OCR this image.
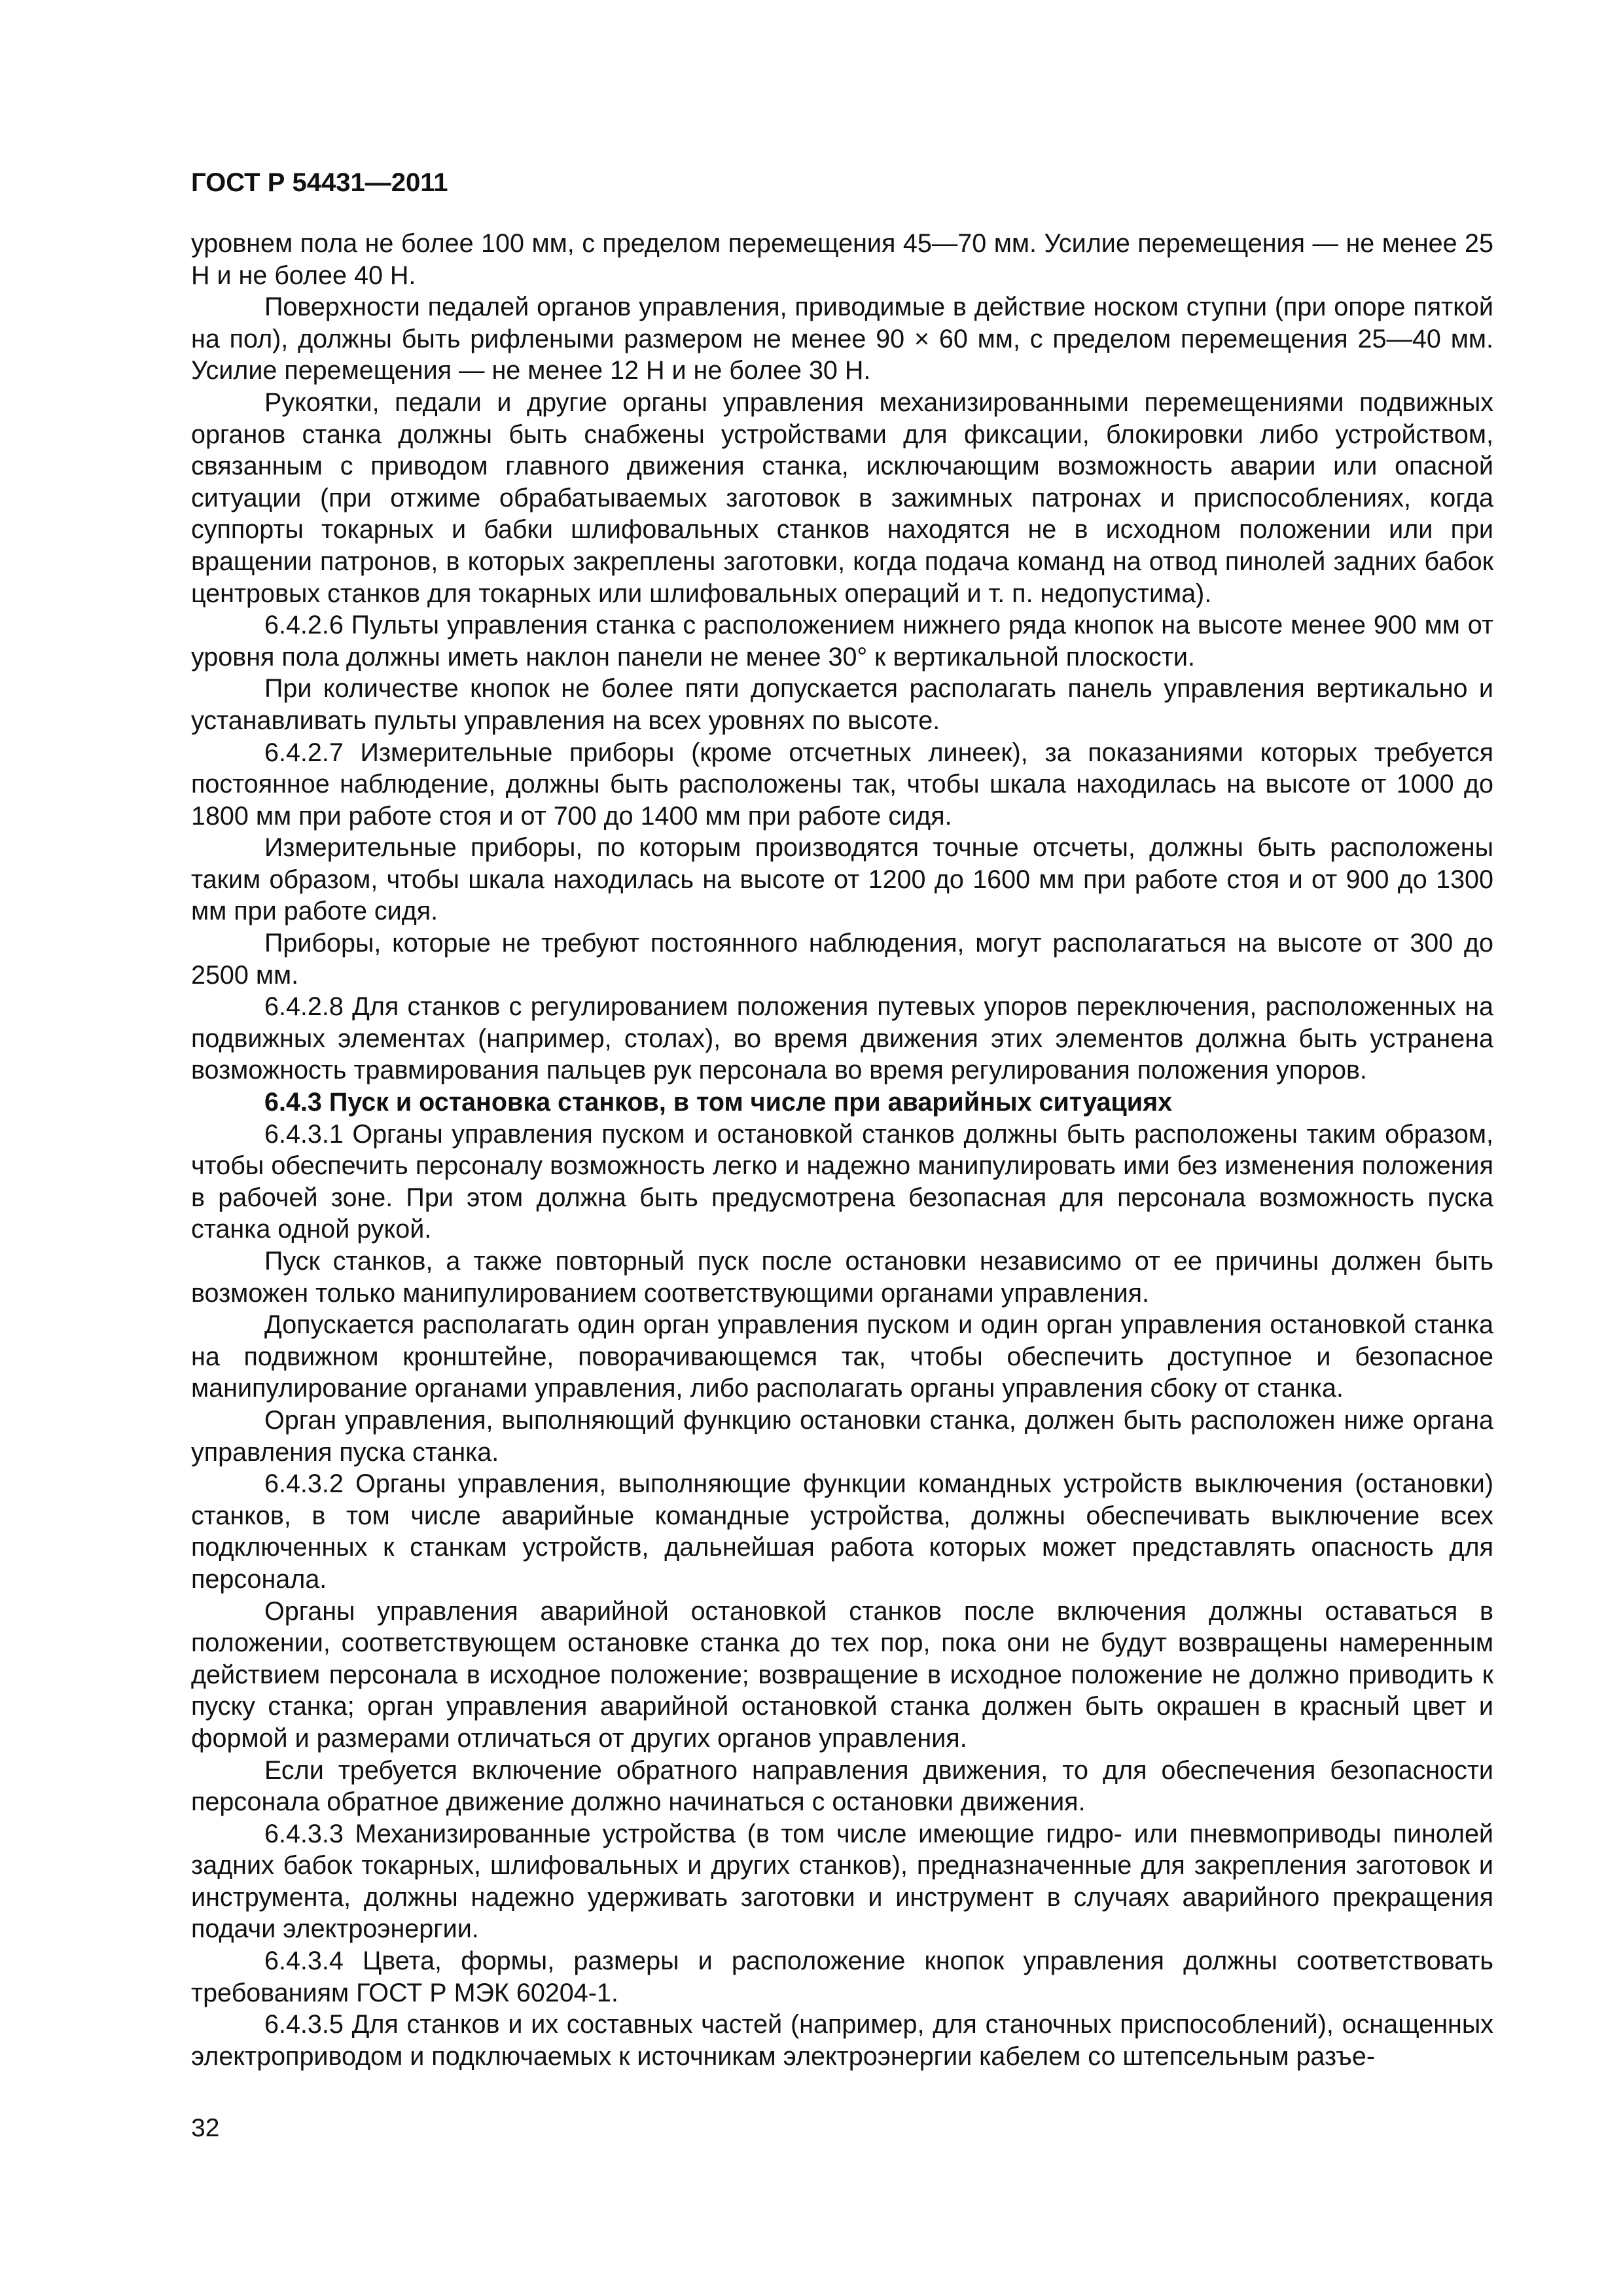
ГОСТ Р 54431—2011

уровнем пола не более 100 мм, с пределом перемещения 45—70 мм. Усилие перемещения — не менее 25 Н и не более 40 Н.

Поверхности педалей органов управления, приводимые в действие носком ступни (при опоре пяткой на пол), должны быть рифлеными размером не менее 90 × 60 мм, с пределом перемещения 25—40 мм. Усилие перемещения — не менее 12 Н и не более 30 Н.

Рукоятки, педали и другие органы управления механизированными перемещениями подвижных органов станка должны быть снабжены устройствами для фиксации, блокировки либо устройством, связанным с приводом главного движения станка, исключающим возможность аварии или опасной ситуации (при отжиме обрабатываемых заготовок в зажимных патронах и приспособлениях, когда суппорты токарных и бабки шлифовальных станков находятся не в исходном положении или при вращении патронов, в которых закреплены заготовки, когда подача команд на отвод пинолей задних бабок центровых станков для токарных или шлифовальных операций и т. п. недопустима).

6.4.2.6 Пульты управления станка с расположением нижнего ряда кнопок на высоте менее 900 мм от уровня пола должны иметь наклон панели не менее 30° к вертикальной плоскости.

При количестве кнопок не более пяти допускается располагать панель управления вертикально и устанавливать пульты управления на всех уровнях по высоте.

6.4.2.7 Измерительные приборы (кроме отсчетных линеек), за показаниями которых требуется постоянное наблюдение, должны быть расположены так, чтобы шкала находилась на высоте от 1000 до 1800 мм при работе стоя и от 700 до 1400 мм при работе сидя.

Измерительные приборы, по которым производятся точные отсчеты, должны быть расположены таким образом, чтобы шкала находилась на высоте от 1200 до 1600 мм при работе стоя и от 900 до 1300 мм при работе сидя.

Приборы, которые не требуют постоянного наблюдения, могут располагаться на высоте от 300 до 2500 мм.

6.4.2.8 Для станков с регулированием положения путевых упоров переключения, расположенных на подвижных элементах (например, столах), во время движения этих элементов должна быть устранена возможность травмирования пальцев рук персонала во время регулирования положения упоров.

6.4.3 Пуск и остановка станков, в том числе при аварийных ситуациях

6.4.3.1 Органы управления пуском и остановкой станков должны быть расположены таким образом, чтобы обеспечить персоналу возможность легко и надежно манипулировать ими без изменения положения в рабочей зоне. При этом должна быть предусмотрена безопасная для персонала возможность пуска станка одной рукой.

Пуск станков, а также повторный пуск после остановки независимо от ее причины должен быть возможен только манипулированием соответствующими органами управления.

Допускается располагать один орган управления пуском и один орган управления остановкой станка на подвижном кронштейне, поворачивающемся так, чтобы обеспечить доступное и безопасное манипулирование органами управления, либо располагать органы управления сбоку от станка.

Орган управления, выполняющий функцию остановки станка, должен быть расположен ниже органа управления пуска станка.

6.4.3.2 Органы управления, выполняющие функции командных устройств выключения (остановки) станков, в том числе аварийные командные устройства, должны обеспечивать выключение всех подключенных к станкам устройств, дальнейшая работа которых может представлять опасность для персонала.

Органы управления аварийной остановкой станков после включения должны оставаться в положении, соответствующем остановке станка до тех пор, пока они не будут возвращены намеренным действием персонала в исходное положение; возвращение в исходное положение не должно приводить к пуску станка; орган управления аварийной остановкой станка должен быть окрашен в красный цвет и формой и размерами отличаться от других органов управления.

Если требуется включение обратного направления движения, то для обеспечения безопасности персонала обратное движение должно начинаться с остановки движения.

6.4.3.3 Механизированные устройства (в том числе имеющие гидро- или пневмоприводы пинолей задних бабок токарных, шлифовальных и других станков), предназначенные для закрепления заготовок и инструмента, должны надежно удерживать заготовки и инструмент в случаях аварийного прекращения подачи электроэнергии.

6.4.3.4 Цвета, формы, размеры и расположение кнопок управления должны соответствовать требованиям ГОСТ Р МЭК 60204-1.

6.4.3.5 Для станков и их составных частей (например, для станочных приспособлений), оснащенных электроприводом и подключаемых к источникам электроэнергии кабелем со штепсельным разъе-

32
